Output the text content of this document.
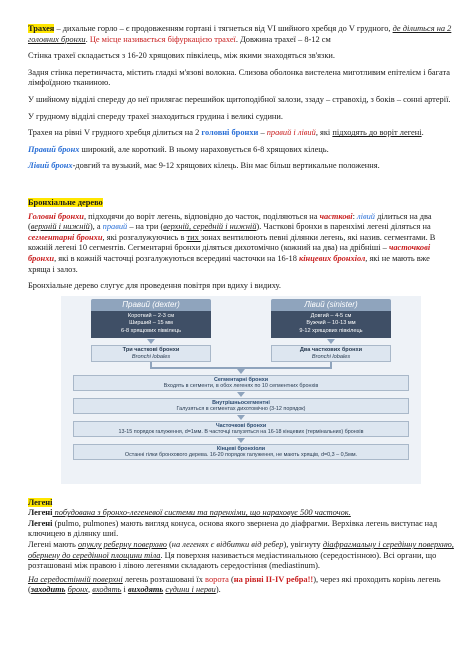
Трахея – дихальне горло – є продовженням гортані і тягнеться від VI шийного хребця до V грудного, де ділиться на 2 головних бронхи. Це місце називається біфуркацією трахеї. Довжина трахеї – 8-12 см

Стінка трахеї складається з 16-20 хрящових півкілець, між якими знаходяться зв'язки.

Задня стінка перетинчаста, містить гладкі м'язові волокна. Слизова оболонка вистелена миготливим епітелієм і багата лімфоїдною тканиною.

У шийному відділі спереду до неї прилягає перешийок щитоподібної залози, ззаду – стравохід, з боків – сонні артерії.

У грудному відділі спереду трахеї знаходиться грудина і великі судини.

Трахея на рівні V грудного хребця ділиться на 2 головні бронхи – правий і лівий, які підходять до воріт легені.

Правий бронх широкий, але короткий. В ньому нараховується 6-8 хрящових кілець.

Лівий бронх-довгий та вузький, має 9-12 хрящових кілець. Він має більш вертикальне положення.

Бронхіальне дерево

Головні бронхи, підходячи до воріт легень, відповідно до часток, поділяються на часткові: лівий ділиться на два (верхній і нижній), а правий – на три (верхній, середній і нижній). Часткові бронхи в паренхімі легені діляться на сегментарні бронхи, які розгалужуючись в тих зонах вентилюють певні ділянки легень, які назив. сегментами. В кожній легені 10 сегментів. Сегментарні бронхи діляться дихотомічно (кожний на два) на дрібніші – часточкові бронхи, які в кожній часточці розгалужуються всередині часточки на 16-18 кінцевих бронхіол, які не мають вже хряща і залоз.

Бронхіальне дерево слугує для проведення повітря при вдиху і видиху.

Правий (dexter)
Короткий – 2-3 см
Ширший – 15 мм
6-8 хрящових півкілець
Три часткові бронхи
Bronchi lobales
Лівий (sinister)
Довгий – 4-5 см
Вужчий – 10-13 мм
9-12 хрящових півкілець
Два часткових бронхи
Bronchi lobales
Сегментарні бронхи
Входять в сегменти, в обох легенях по 10 сегментних бронхів
Внутрішньосегментні
Галузяться в сегментах дихотомічно (3-12 порядок)
Часточкові бронхи
13-15 порядок галуження, d=1мм. В часточці галузяться на 16-18 кінцевих (термінальних) бронхів
Кінцеві бронхіоли
Останні гілки бронхового дерева. 16-20 порядок галуження, не мають хрящів, d=0,3 – 0,5мм.

Легені

Легені побудована з бронхо-легеневої системи та паренхіми, що нараховує 500 часточок.

Легені (pulmo, pulmones) мають вигляд конуса, основа якого звернена до діафрагми. Верхівка легень виступає над ключицею в ділянку шиї.

Легені мають опуклу реберну поверхню (на легенях є відбитки від ребер), увігнуту діафрагмальну і середінну поверхню, обернену до середінної площини тіла. Ця поверхня називається медіастинальною (середостінною). Всі органи, що розташовані між правою і лівою легенями складають середостіння (mediastinum).

На середостінній поверхні легень розташовані їх ворота (на рівні II-IV ребра!!), через які проходить корінь легень (заходить бронх, входять і виходять судини і нерви).
